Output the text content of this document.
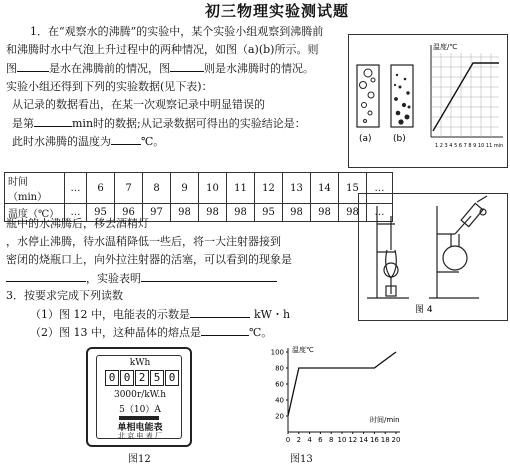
初三物理实验测试题
1．在“观察水的沸腾”的实验中，某个实验小组观察到沸腾前
和沸腾时水中气泡上升过程中的两种情况，如图（a)(b)所示。则
图	是水在沸腾前的情况，图	则是水沸腾时的情况。
实验小组还得到下列的实验数据(见下表)：
从记录的数据看出，在某一次观察记录中明显错误的
是第	min时的数据;从记录数据可得出的实验结论是：
此时水沸腾的温度为	℃。	(a) (b)
温度/℃
1 2 3 4 5 6 7 8 9 10 11 min
时间（min）	…	6	7	8	9	10	11	12	13	14	15	…
温度（℃）	…	95	96	97	98	98	98	95	98	98	98	…
瓶中的水沸腾后，移去酒精灯
，水停止沸腾，待水温稍降低一些后，将一大注射器接到
密闭的烧瓶口上，向外拉注射器的活塞，可以看到的现象是
，实验表明
图 4
3．按要求完成下列读数
（1）图 12 中，电能表的示数是	kW・h
（2）图 13 中，这种晶体的熔点是	℃。
kWh
0 0 2 5 0
3000r/kW.h
5（10）A
单相电能表
北 京 电 表 厂
图12
20
40
60
80
100
0 2 4 6 8 10 12 14 16 18 20
温度℃
时间/min
图13
